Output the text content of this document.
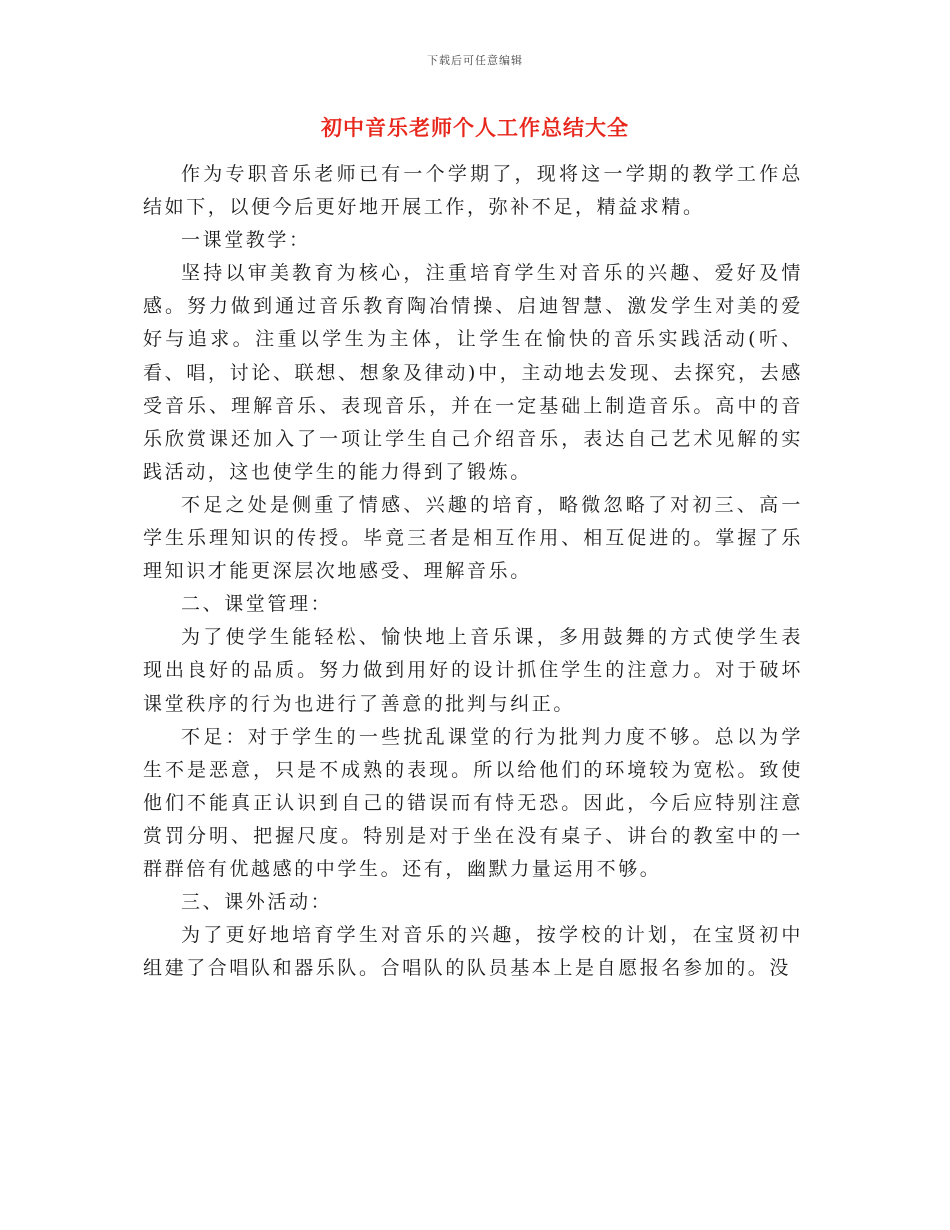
下载后可任意编辑
初中音乐老师个人工作总结大全

作为专职音乐老师已有一个学期了，现将这一学期的教学工作总结如下，以便今后更好地开展工作，弥补不足，精益求精。

一课堂教学：

坚持以审美教育为核心，注重培育学生对音乐的兴趣、爱好及情感。努力做到通过音乐教育陶冶情操、启迪智慧、激发学生对美的爱好与追求。注重以学生为主体，让学生在愉快的音乐实践活动(听、看、唱，讨论、联想、想象及律动)中，主动地去发现、去探究，去感受音乐、理解音乐、表现音乐，并在一定基础上制造音乐。高中的音乐欣赏课还加入了一项让学生自己介绍音乐，表达自己艺术见解的实践活动，这也使学生的能力得到了锻炼。

不足之处是侧重了情感、兴趣的培育，略微忽略了对初三、高一学生乐理知识的传授。毕竟三者是相互作用、相互促进的。掌握了乐理知识才能更深层次地感受、理解音乐。

二、课堂管理：

为了使学生能轻松、愉快地上音乐课，多用鼓舞的方式使学生表现出良好的品质。努力做到用好的设计抓住学生的注意力。对于破坏课堂秩序的行为也进行了善意的批判与纠正。

不足：对于学生的一些扰乱课堂的行为批判力度不够。总以为学生不是恶意，只是不成熟的表现。所以给他们的环境较为宽松。致使他们不能真正认识到自己的错误而有恃无恐。因此，今后应特别注意赏罚分明、把握尺度。特别是对于坐在没有桌子、讲台的教室中的一群群倍有优越感的中学生。还有，幽默力量运用不够。

三、课外活动：

为了更好地培育学生对音乐的兴趣，按学校的计划，在宝贤初中组建了合唱队和器乐队。合唱队的队员基本上是自愿报名参加的。没
